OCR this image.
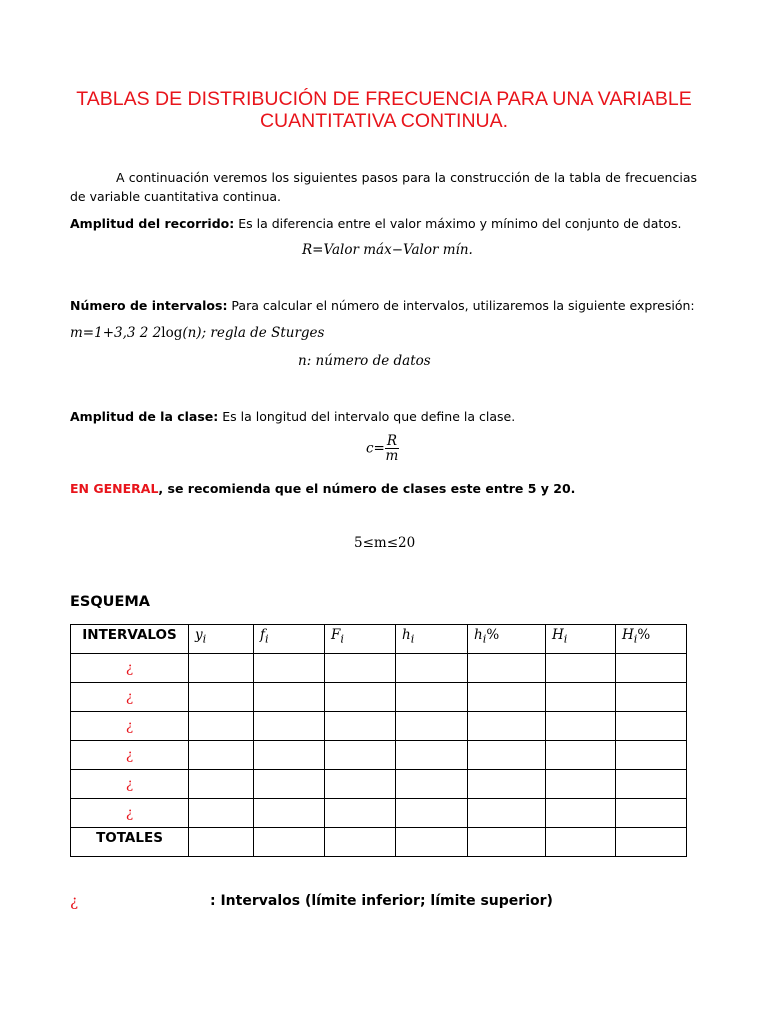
TABLAS DE DISTRIBUCIÓN DE FRECUENCIA PARA UNA VARIABLE
CUANTITATIVA CONTINUA.
A continuación veremos los siguientes pasos para la construcción de la tabla de frecuencias de variable cuantitativa continua.
Amplitud del recorrido: Es la diferencia entre el valor máximo y mínimo del conjunto de datos.
R=Valor máx−Valor mín.
Número de intervalos: Para calcular el número de intervalos, utilizaremos la siguiente expresión:
m=1+3,3 2 2log(n); regla de Sturges
n: número de datos
Amplitud de la clase: Es la longitud del intervalo que define la clase.
$c= \frac{R}{m}$
EN GENERAL, se recomienda que el número de clases este entre 5 y 20.
5≤m≤20
ESQUEMA
INTERVALOS	$y_i$	$f_i$	$F_i$	$h_i$	$h_i\%$	$H_i$	$H_i\%$
¿							
¿							
¿							
¿							
¿							
¿							
TOTALES							
¿	: Intervalos (límite inferior; límite superior)
